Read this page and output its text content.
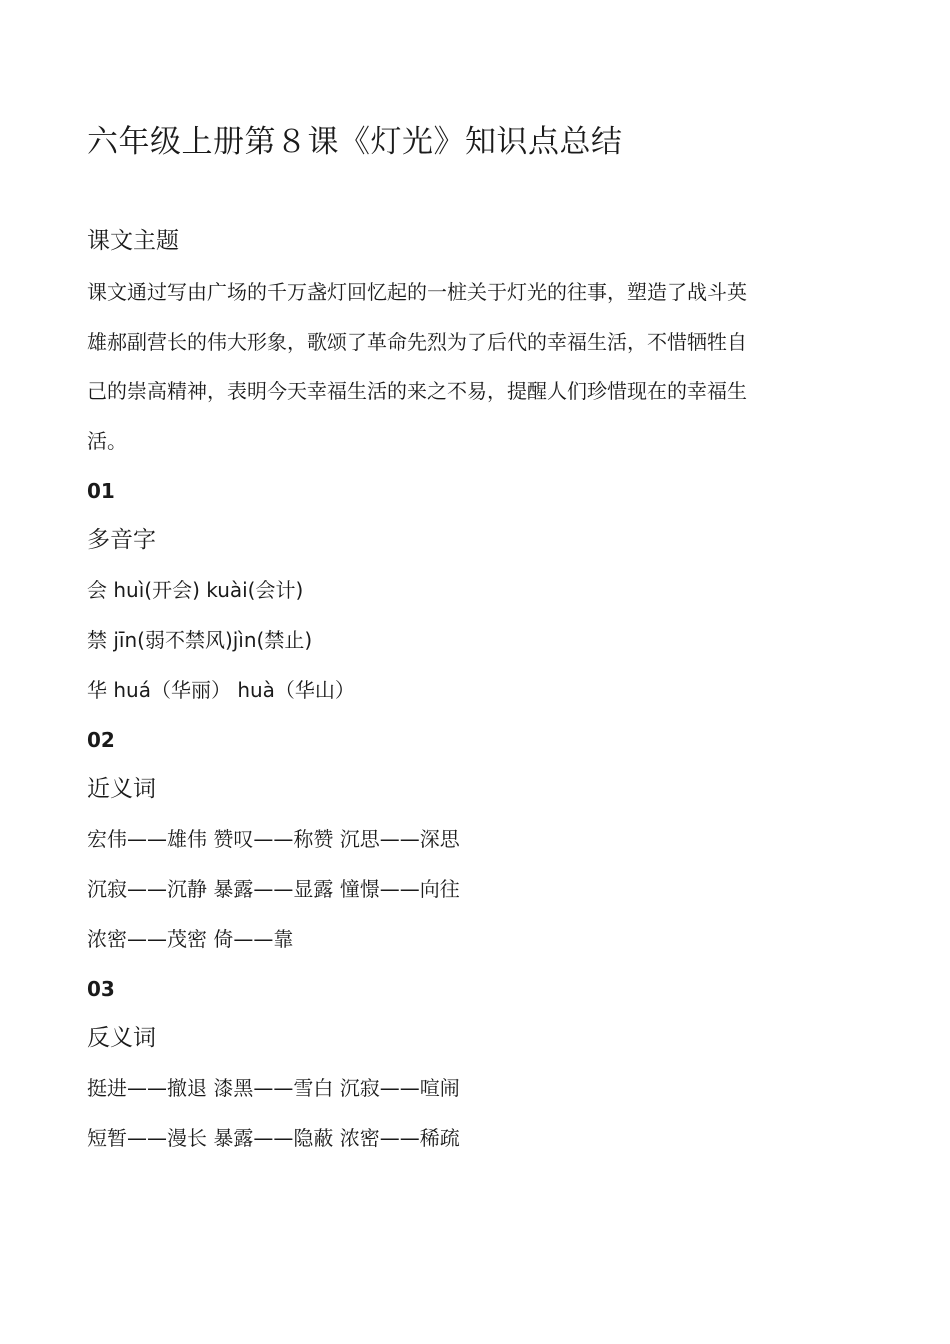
六年级上册第８课《灯光》知识点总结
课文主题
课文通过写由广场的千万盏灯回忆起的一桩关于灯光的往事，塑造了战斗英
雄郝副营长的伟大形象，歌颂了革命先烈为了后代的幸福生活，不惜牺牲自
己的崇高精神，表明今天幸福生活的来之不易，提醒人们珍惜现在的幸福生
活。
01
多音字
会 huì(开会) kuài(会计)
禁 jīn(弱不禁风)jìn(禁止)
华 huá（华丽） huà（华山）
02
近义词
宏伟——雄伟 赞叹——称赞 沉思——深思
沉寂——沉静 暴露——显露 憧憬——向往
浓密——茂密 倚——靠
03
反义词
挺进——撤退 漆黑——雪白 沉寂——喧闹
短暂——漫长 暴露——隐蔽 浓密——稀疏
